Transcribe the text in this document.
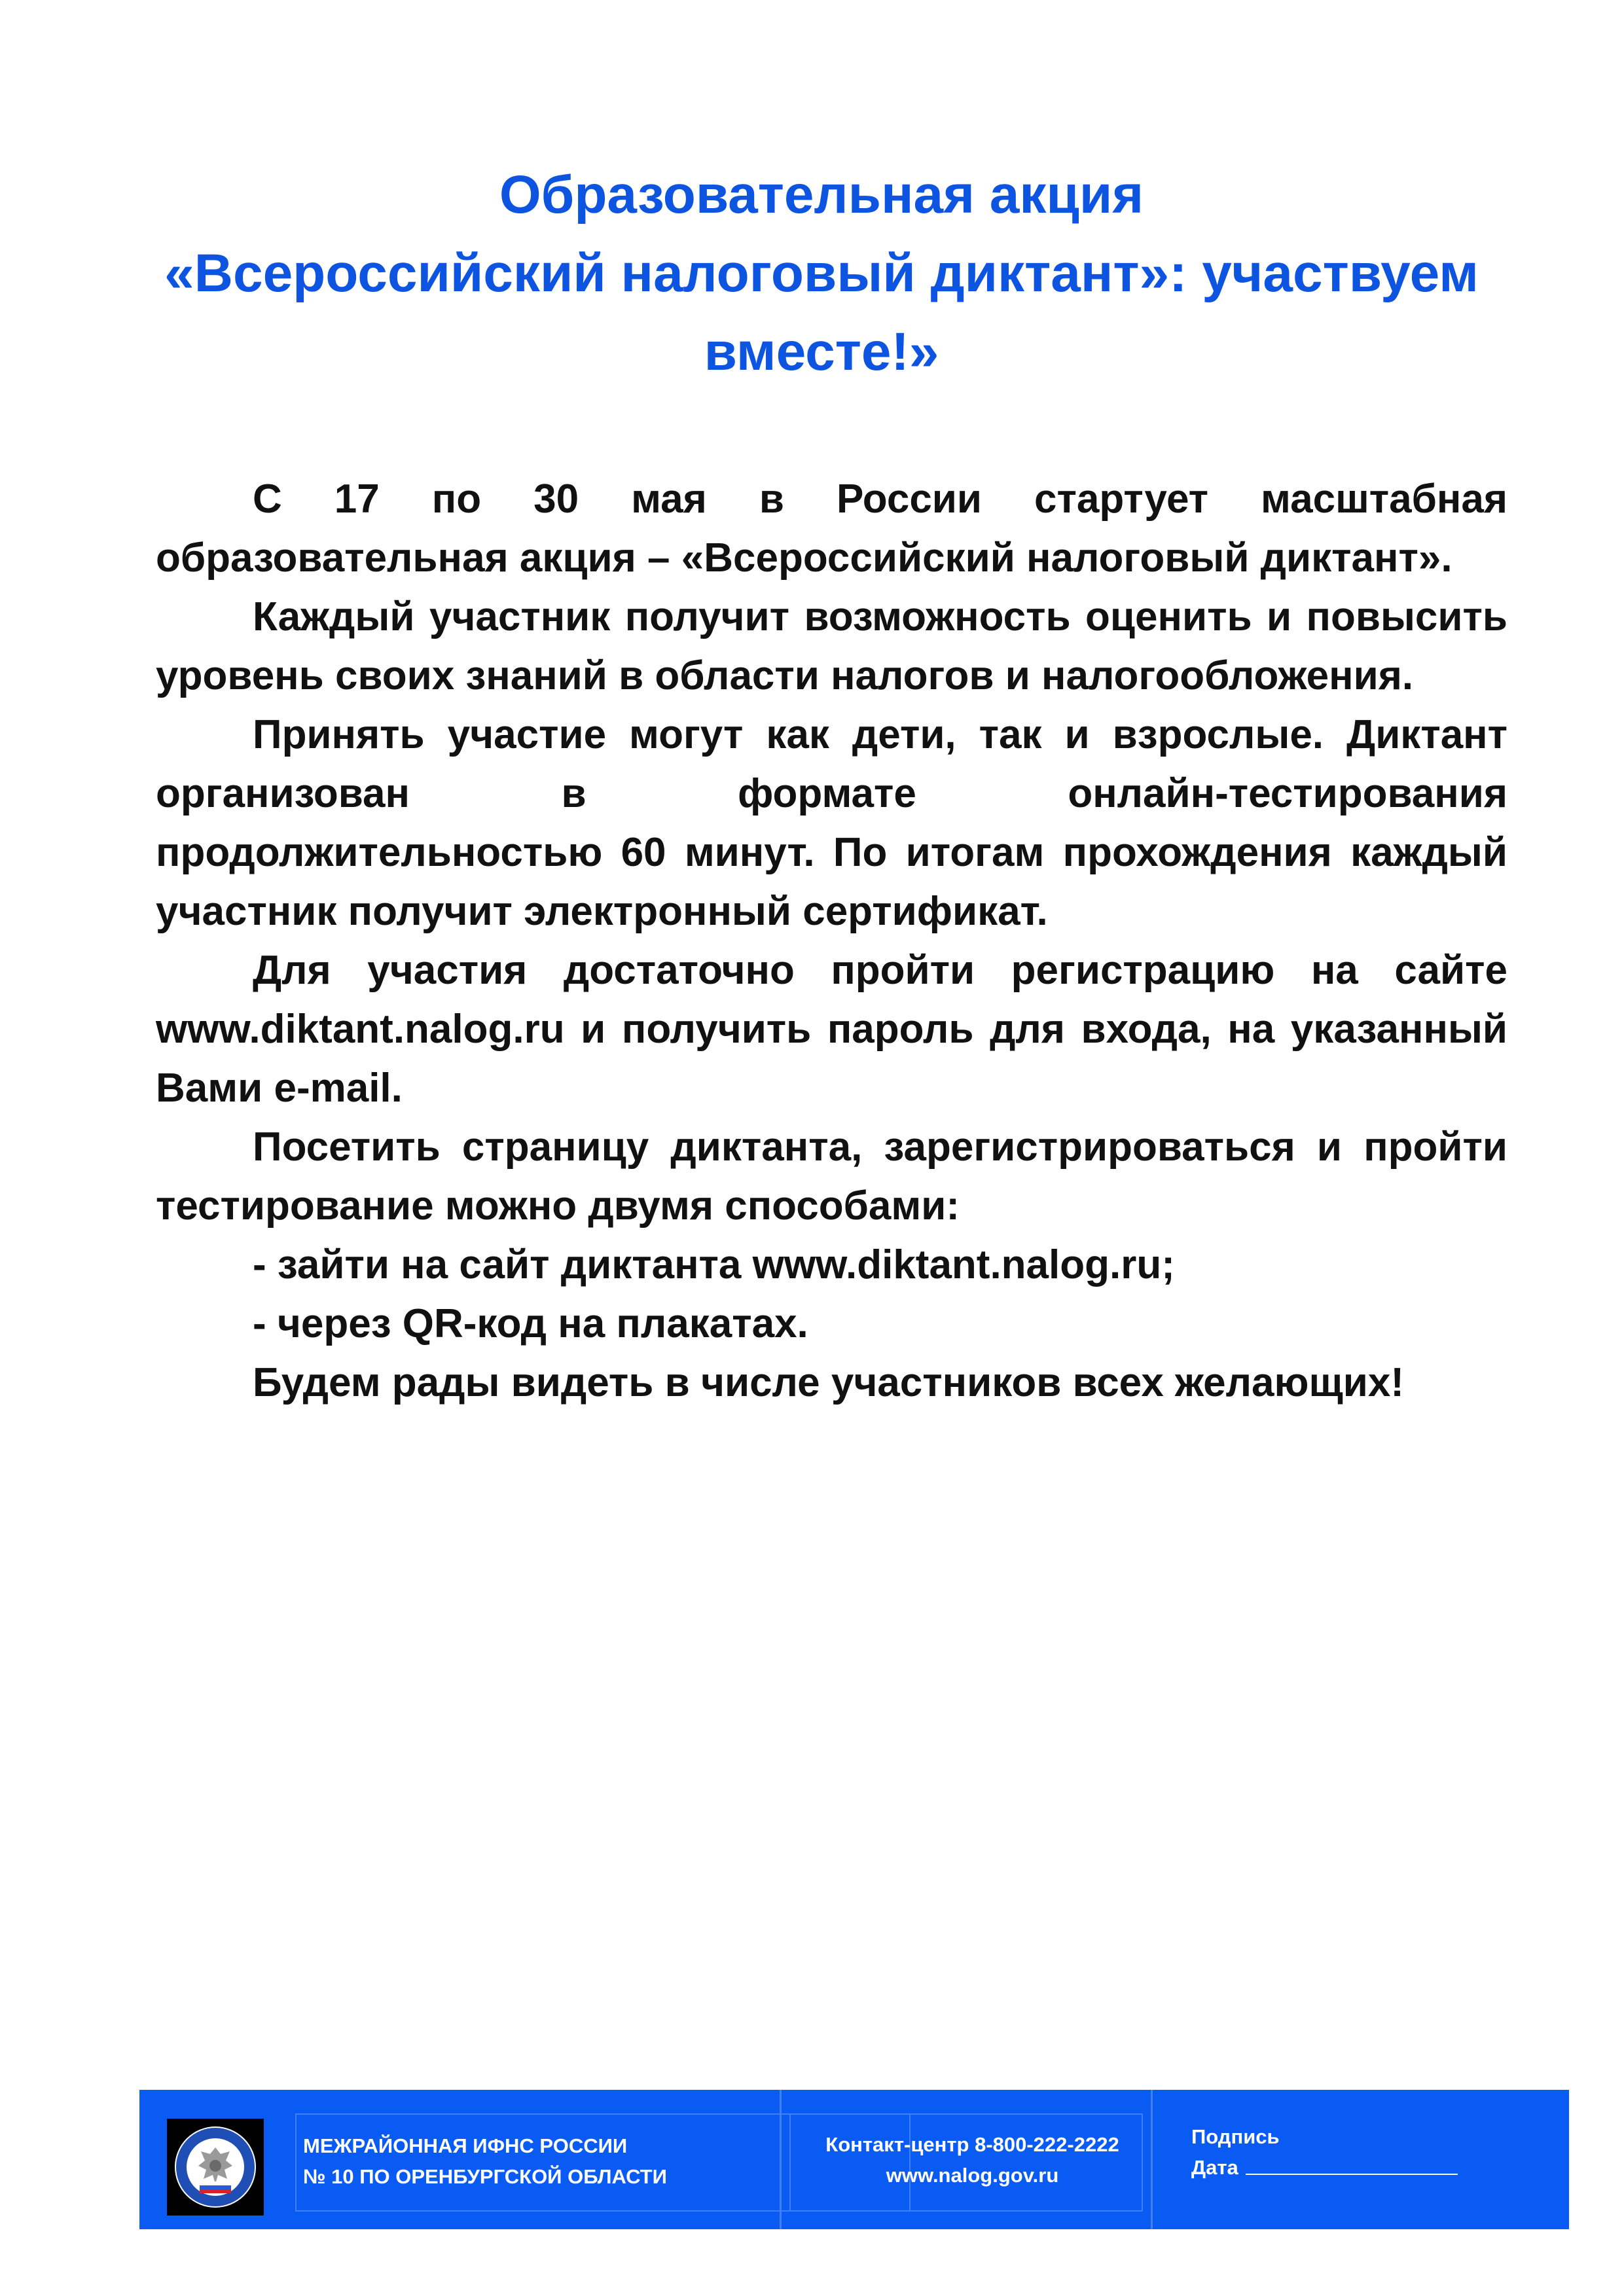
Образовательная акция
«Всероссийский налоговый диктант»: участвуем
вместе!»

С 17 по 30 мая в России стартует масштабная образовательная акция – «Всероссийский налоговый диктант».

Каждый участник получит возможность оценить и повысить уровень своих знаний в области налогов и налогообложения.

Принять участие могут как дети, так и взрослые. Диктант организован в формате онлайн-тестирования продолжительностью 60 минут. По итогам прохождения каждый участник получит электронный сертификат.

Для участия достаточно пройти регистрацию на сайте www.diktant.nalog.ru и получить пароль для входа, на указанный Вами e-mail.

Посетить страницу диктанта, зарегистрироваться и пройти тестирование можно двумя способами:

- зайти на сайт диктанта www.diktant.nalog.ru;

- через QR-код на плакатах.

Будем рады видеть в числе участников всех желающих!

МЕЖРАЙОННАЯ ИФНС РОССИИ
№ 10 ПО ОРЕНБУРГСКОЙ ОБЛАСТИ
Контакт-центр 8-800-222-2222
www.nalog.gov.ru
Подпись
Дата
